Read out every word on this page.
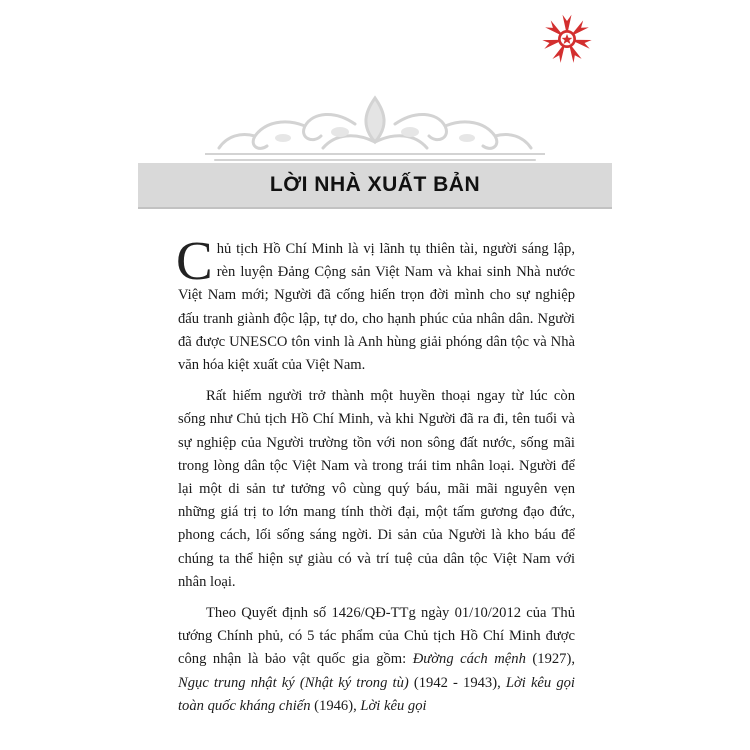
LỜI NHÀ XUẤT BẢN

Chủ tịch Hồ Chí Minh là vị lãnh tụ thiên tài, người sáng lập, rèn luyện Đảng Cộng sản Việt Nam và khai sinh Nhà nước Việt Nam mới; Người đã cống hiến trọn đời mình cho sự nghiệp đấu tranh giành độc lập, tự do, cho hạnh phúc của nhân dân. Người đã được UNESCO tôn vinh là Anh hùng giải phóng dân tộc và Nhà văn hóa kiệt xuất của Việt Nam.

Rất hiếm người trở thành một huyền thoại ngay từ lúc còn sống như Chủ tịch Hồ Chí Minh, và khi Người đã ra đi, tên tuổi và sự nghiệp của Người trường tồn với non sông đất nước, sống mãi trong lòng dân tộc Việt Nam và trong trái tim nhân loại. Người để lại một di sản tư tưởng vô cùng quý báu, mãi mãi nguyên vẹn những giá trị to lớn mang tính thời đại, một tấm gương đạo đức, phong cách, lối sống sáng ngời. Di sản của Người là kho báu để chúng ta thể hiện sự giàu có và trí tuệ của dân tộc Việt Nam với nhân loại.

Theo Quyết định số 1426/QĐ-TTg ngày 01/10/2012 của Thủ tướng Chính phủ, có 5 tác phẩm của Chủ tịch Hồ Chí Minh được công nhận là bảo vật quốc gia gồm: Đường cách mệnh (1927), Ngục trung nhật ký (Nhật ký trong tù) (1942 - 1943), Lời kêu gọi toàn quốc kháng chiến (1946), Lời kêu gọi
